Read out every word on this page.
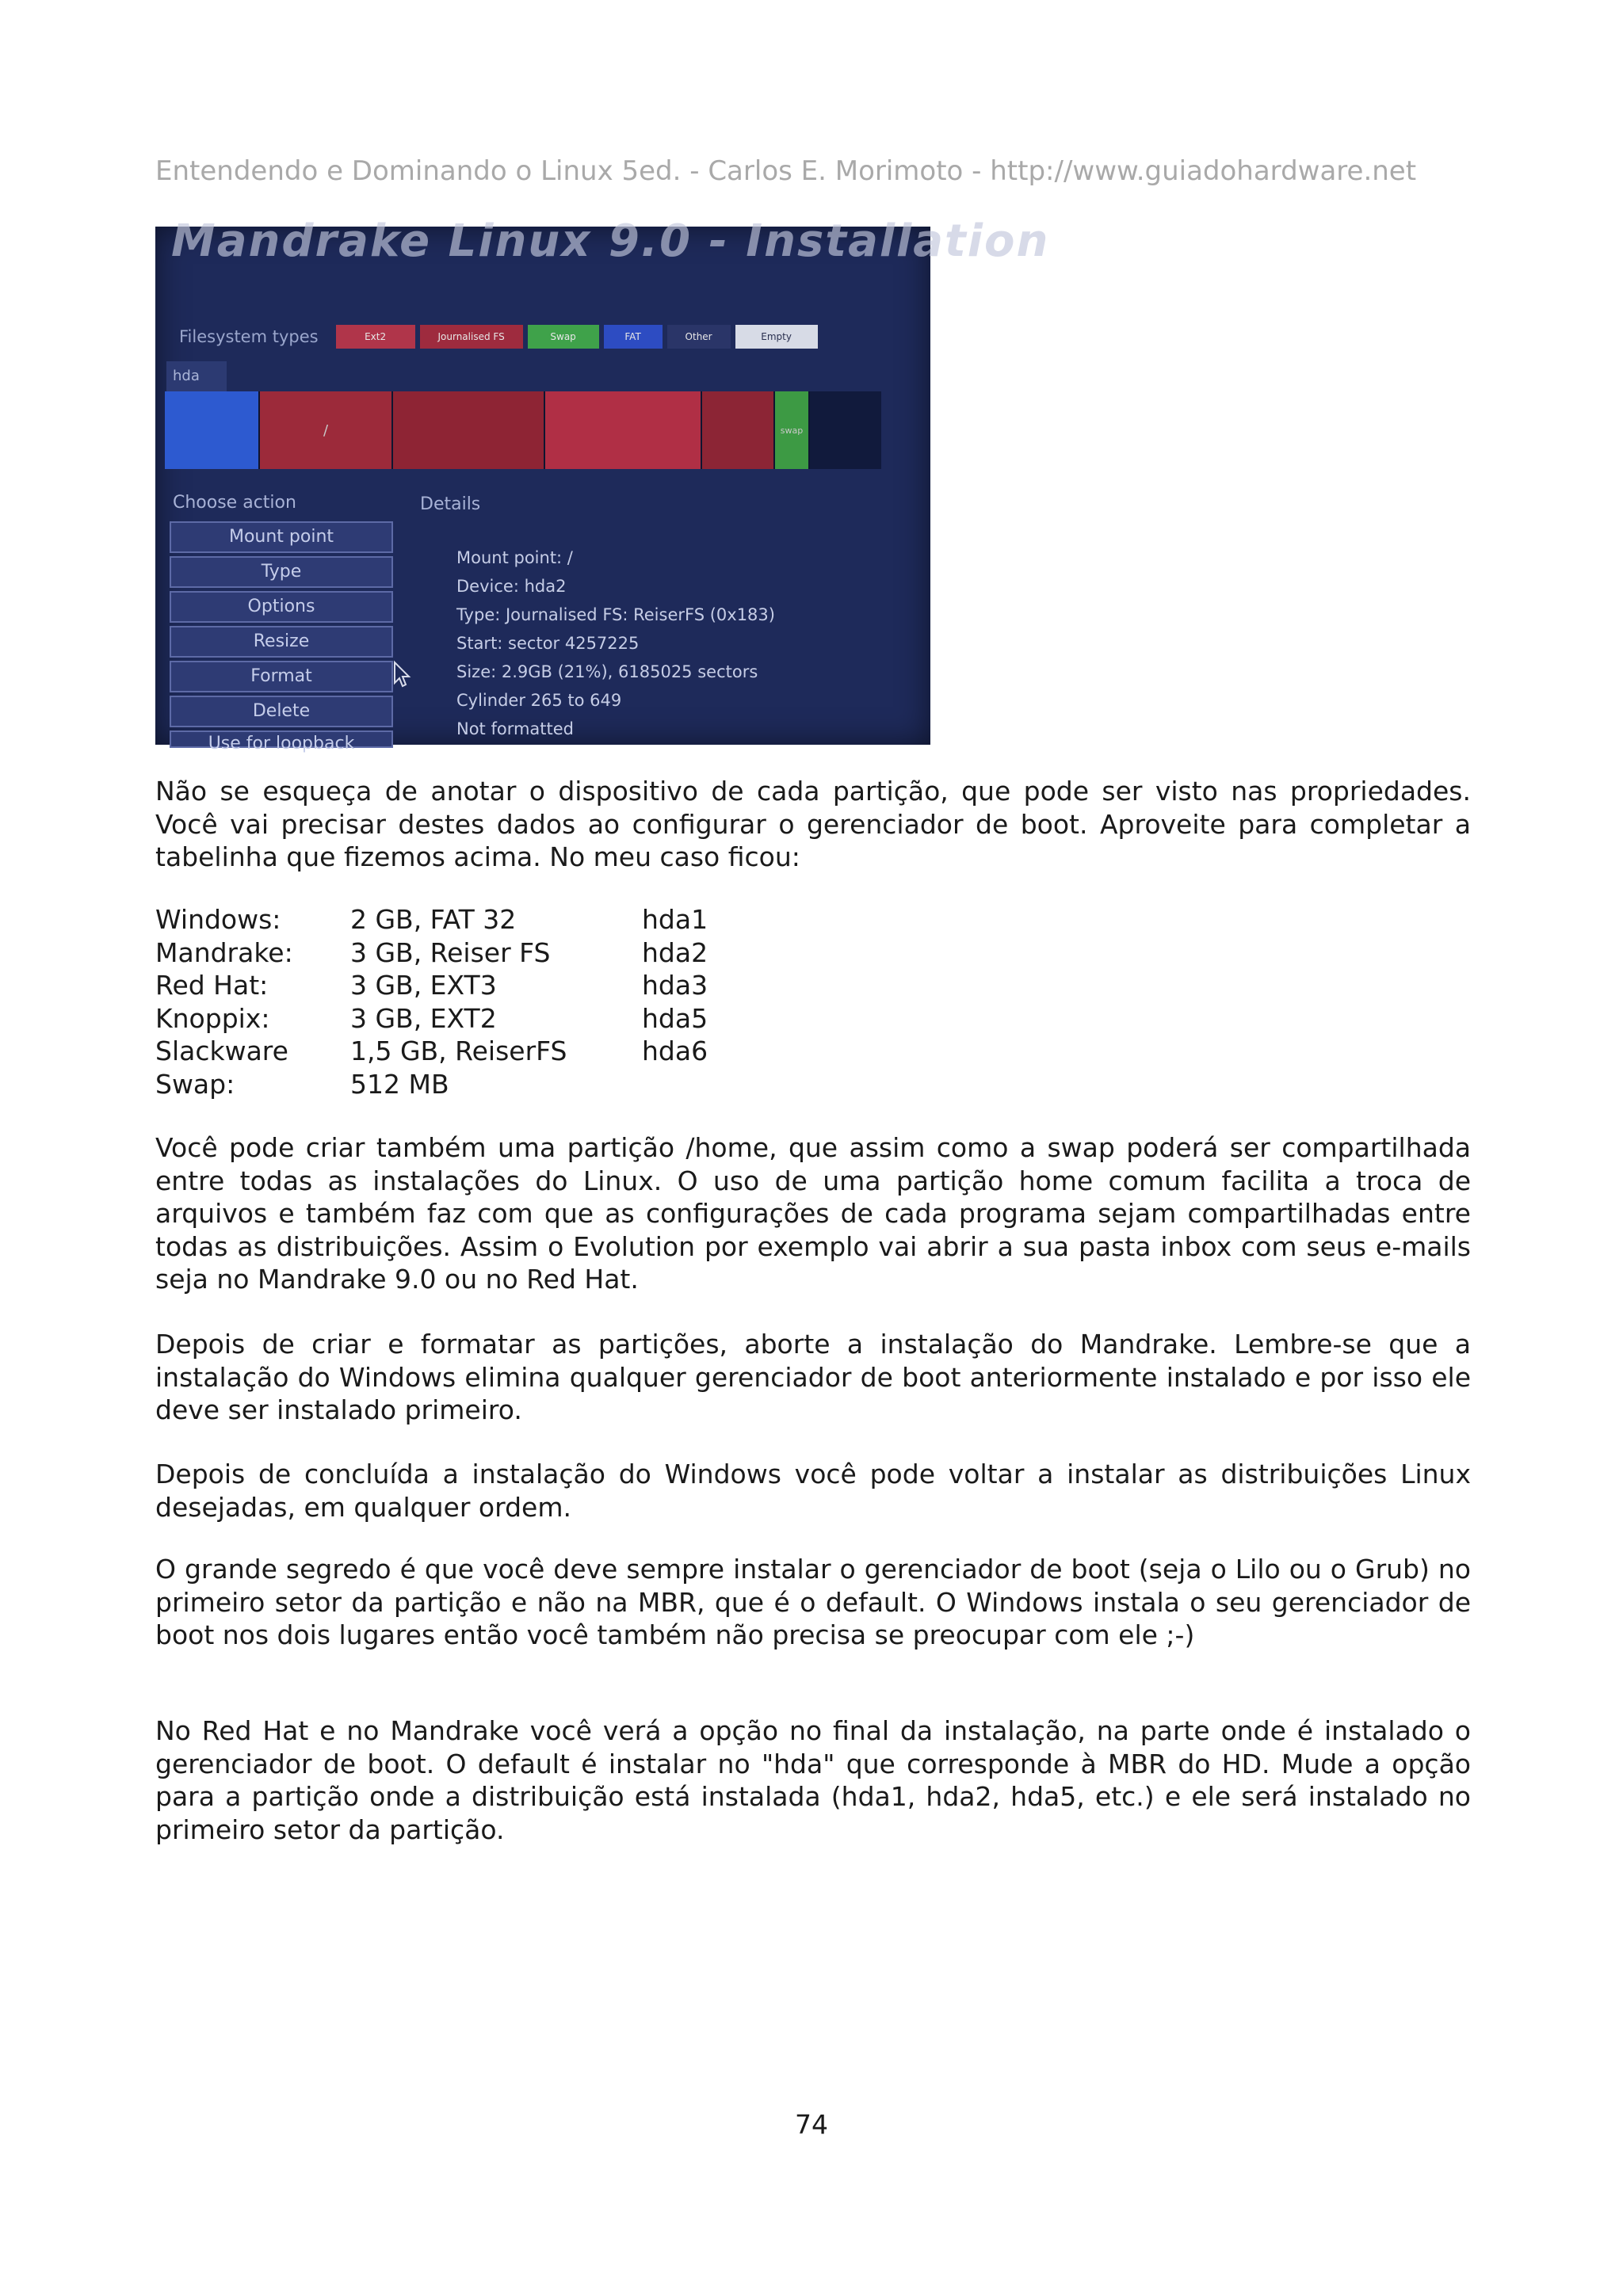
Entendendo e Dominando o Linux 5ed. - Carlos E. Morimoto - http://www.guiadohardware.net
Mandrake Linux 9.0 - Installation
Filesystem types	Ext2	Journalised FS	Swap	FAT	Other	Empty
hda
/	swap
Choose action	Details
Mount point
Type
Options
Resize
Format
Delete
Use for loopback
Mount point: /
Device: hda2
Type: Journalised FS: ReiserFS (0x183)
Start: sector 4257225
Size: 2.9GB (21%), 6185025 sectors
Cylinder 265 to 649
Not formatted

Não se esqueça de anotar o dispositivo de cada partição, que pode ser visto nas propriedades. Você vai precisar destes dados ao configurar o gerenciador de boot. Aproveite para completar a tabelinha que fizemos acima. No meu caso ficou:

Windows:	2 GB, FAT 32	hda1
Mandrake:	3 GB, Reiser FS	hda2
Red Hat:	3 GB, EXT3	hda3
Knoppix:	3 GB, EXT2	hda5
Slackware	1,5 GB, ReiserFS	hda6
Swap:	512 MB	

Você pode criar também uma partição /home, que assim como a swap poderá ser compartilhada entre todas as instalações do Linux. O uso de uma partição home comum facilita a troca de arquivos e também faz com que as configurações de cada programa sejam compartilhadas entre todas as distribuições. Assim o Evolution por exemplo vai abrir a sua pasta inbox com seus e-mails seja no Mandrake 9.0 ou no Red Hat.

Depois de criar e formatar as partições, aborte a instalação do Mandrake. Lembre-se que a instalação do Windows elimina qualquer gerenciador de boot anteriormente instalado e por isso ele deve ser instalado primeiro.

Depois de concluída a instalação do Windows você pode voltar a instalar as distribuições Linux desejadas, em qualquer ordem.

O grande segredo é que você deve sempre instalar o gerenciador de boot (seja o Lilo ou o Grub) no primeiro setor da partição e não na MBR, que é o default. O Windows instala o seu gerenciador de boot nos dois lugares então você também não precisa se preocupar com ele ;-)

No Red Hat e no Mandrake você verá a opção no final da instalação, na parte onde é instalado o gerenciador de boot. O default é instalar no "hda" que corresponde à MBR do HD. Mude a opção para a partição onde a distribuição está instalada (hda1, hda2, hda5, etc.) e ele será instalado no primeiro setor da partição.

74
